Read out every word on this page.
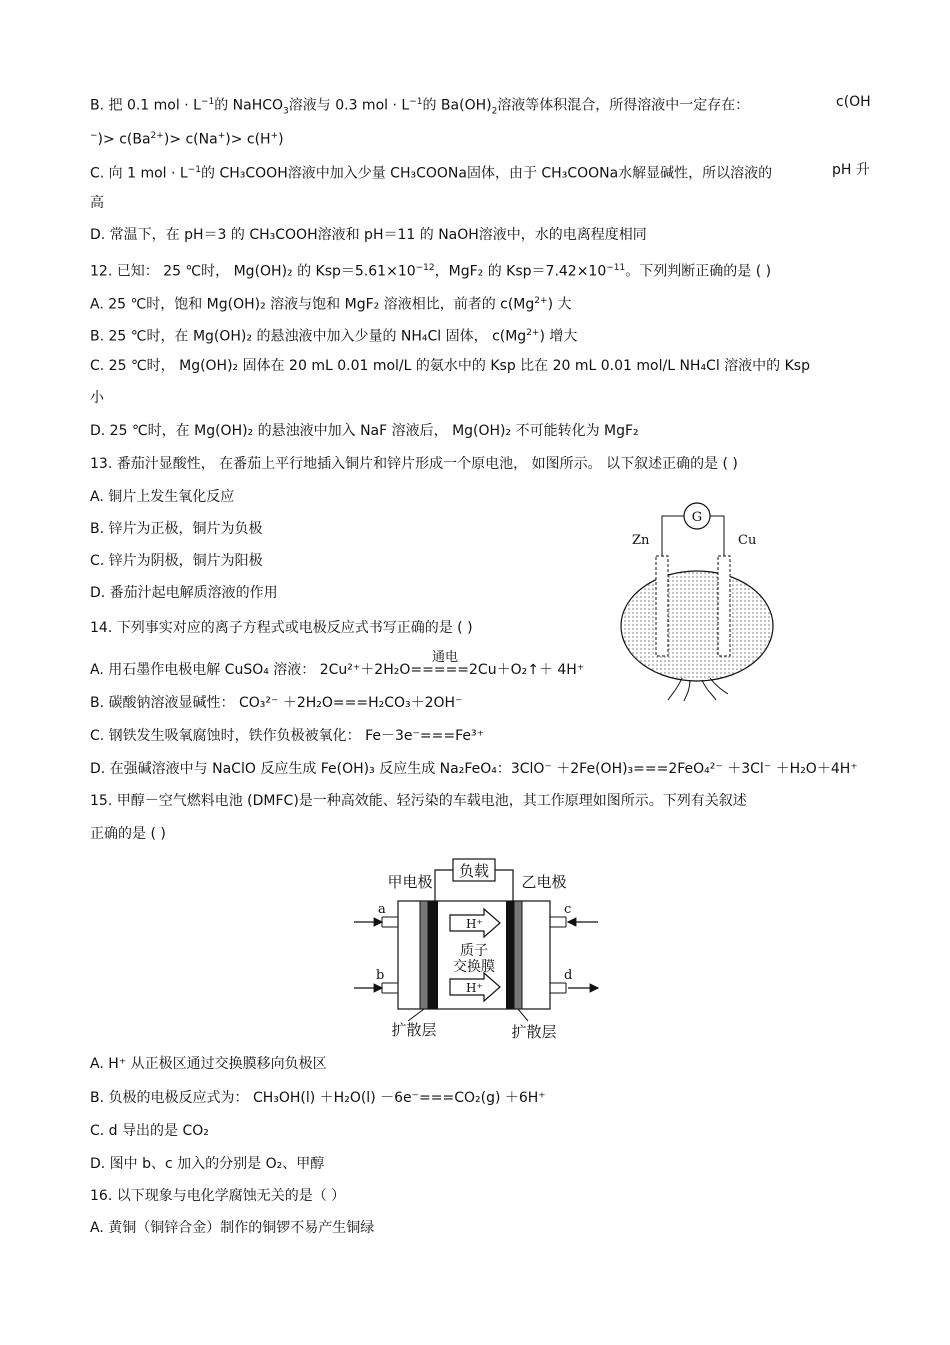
B. 把 0.1 mol · $L^{-1}$的 NaHCO$_3$溶液与 0.3 mol · $L^{-1}$的 $Ba(OH)_2$溶液等体积混合，所得溶液中一定存在：	c(OH
$^-)> c(Ba^{2+})> c(Na^+)> c(H^+)$
C. 向 1 mol · $L^{-1}$的 CH₃COOH溶液中加入少量 CH₃COONa固体，由于 CH₃COONa水解显碱性，所以溶液的	pH 升
高
D. 常温下，在 pH＝3 的 CH₃COOH溶液和 pH＝11 的 NaOH溶液中，水的电离程度相同
12. 已知： 25 ℃时， Mg(OH)₂ 的 $Ksp=5.61\times 10^{-12}$，MgF₂ 的 $Ksp=7.42\times 10^{-11}$。下列判断正确的是 ( )
A. 25 ℃时，饱和 Mg(OH)₂ 溶液与饱和 MgF₂ 溶液相比，前者的 $c(Mg^{2+})$ 大
B. 25 ℃时，在 Mg(OH)₂ 的悬浊液中加入少量的 NH₄Cl 固体， $c(Mg^{2+})$ 增大
C. 25 ℃时， Mg(OH)₂ 固体在 20 mL 0.01 mol/L 的氨水中的 Ksp 比在 20 mL 0.01 mol/L NH₄Cl 溶液中的 Ksp
小
D. 25 ℃时，在 Mg(OH)₂ 的悬浊液中加入 NaF 溶液后， Mg(OH)₂ 不可能转化为 MgF₂
13. 番茄汁显酸性， 在番茄上平行地插入铜片和锌片形成一个原电池， 如图所示。 以下叙述正确的是 ( )
A. 铜片上发生氧化反应
B. 锌片为正极，铜片为负极
C. 锌片为阴极，铜片为阳极
D. 番茄汁起电解质溶液的作用
G
Zn	Cu
14. 下列事实对应的离子方程式或电极反应式书写正确的是 ( )
通电
A. 用石墨作电极电解 CuSO₄ 溶液： 2Cu²⁺＋2H₂O=====2Cu＋O₂↑＋ 4H⁺
B. 碳酸钠溶液显碱性： CO₃²⁻ ＋2H₂O===H₂CO₃＋2OH⁻
C. 钢铁发生吸氧腐蚀时，铁作负极被氧化： Fe－3e⁻===Fe³⁺
D. 在强碱溶液中与 NaClO 反应生成 Fe(OH)₃ 反应生成 Na₂FeO₄：3ClO⁻ ＋2Fe(OH)₃===2FeO₄²⁻ ＋3Cl⁻ ＋H₂O＋4H⁺
15. 甲醇－空气燃料电池 (DMFC)是一种高效能、轻污染的车载电池，其工作原理如图所示。下列有关叙述
正确的是 ( )
负载
甲电极	乙电极
H⁺
H⁺
质子
交换膜
a
b
c
d
扩散层	扩散层
A. H⁺ 从正极区通过交换膜移向负极区
B. 负极的电极反应式为： CH₃OH(l) ＋H₂O(l) －6e⁻===CO₂(g) ＋6H⁺
C. d 导出的是 CO₂
D. 图中 b、c 加入的分别是 O₂、甲醇
16. 以下现象与电化学腐蚀无关的是（ ）
A. 黄铜（铜锌合金）制作的铜锣不易产生铜绿
